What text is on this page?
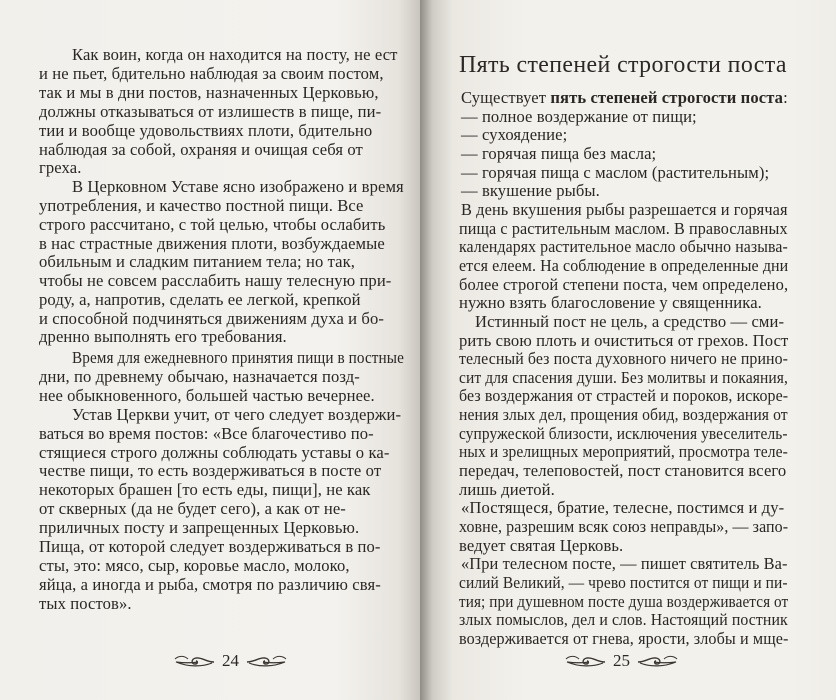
Как воин, когда он находится на посту, не ест
и не пьет, бдительно наблюдая за своим постом,
так и мы в дни постов, назначенных Церковью,
должны отказываться от излишеств в пище, пи-
тии и вообще удовольствиях плоти, бдительно
наблюдая за собой, охраняя и очищая себя от
греха.
В Церковном Уставе ясно изображено и время
употребления, и качество постной пищи. Все
строго рассчитано, с той целью, чтобы ослабить
в нас страстные движения плоти, возбуждаемые
обильным и сладким питанием тела; но так,
чтобы не совсем расслабить нашу телесную при-
роду, а, напротив, сделать ее легкой, крепкой
и способной подчиняться движениям духа и бо-
дренно выполнять его требования.
Время для ежедневного принятия пищи в постные
дни, по древнему обычаю, назначается позд-
нее обыкновенного, большей частью вечернее.
Устав Церкви учит, от чего следует воздержи-
ваться во время постов: «Все благочестиво по-
стящиеся строго должны соблюдать уставы о ка-
честве пищи, то есть воздерживаться в посте от
некоторых брашен [то есть еды, пищи], не как
от скверных (да не будет сего), а как от не-
приличных посту и запрещенных Церковью.
Пища, от которой следует воздерживаться в по-
сты, это: мясо, сыр, коровье масло, молоко,
яйца, а иногда и рыба, смотря по различию свя-
тых постов».
24
Пять степеней строгости поста
Существует пять степеней строгости поста:
— полное воздержание от пищи;
— сухоядение;
— горячая пища без масла;
— горячая пища с маслом (растительным);
— вкушение рыбы.
В день вкушения рыбы разрешается и горячая
пища с растительным маслом. В православных
календарях растительное масло обычно называ-
ется елеем. На соблюдение в определенные дни
более строгой степени поста, чем определено,
нужно взять благословение у священника.
Истинный пост не цель, а средство — сми-
рить свою плоть и очиститься от грехов. Пост
телесный без поста духовного ничего не прино-
сит для спасения души. Без молитвы и покаяния,
без воздержания от страстей и пороков, искоре-
нения злых дел, прощения обид, воздержания от
супружеской близости, исключения увеселитель-
ных и зрелищных мероприятий, просмотра теле-
передач, телеповостей, пост становится всего
лишь диетой.
«Постящеся, братие, телесне, постимся и ду-
ховне, разрешим всяк союз неправды», — запо-
ведует святая Церковь.
«При телесном посте, — пишет святитель Ва-
силий Великий, — чрево постится от пищи и пи-
тия; при душевном посте душа воздерживается от
злых помыслов, дел и слов. Настоящий постник
воздерживается от гнева, ярости, злобы и мще-
25
